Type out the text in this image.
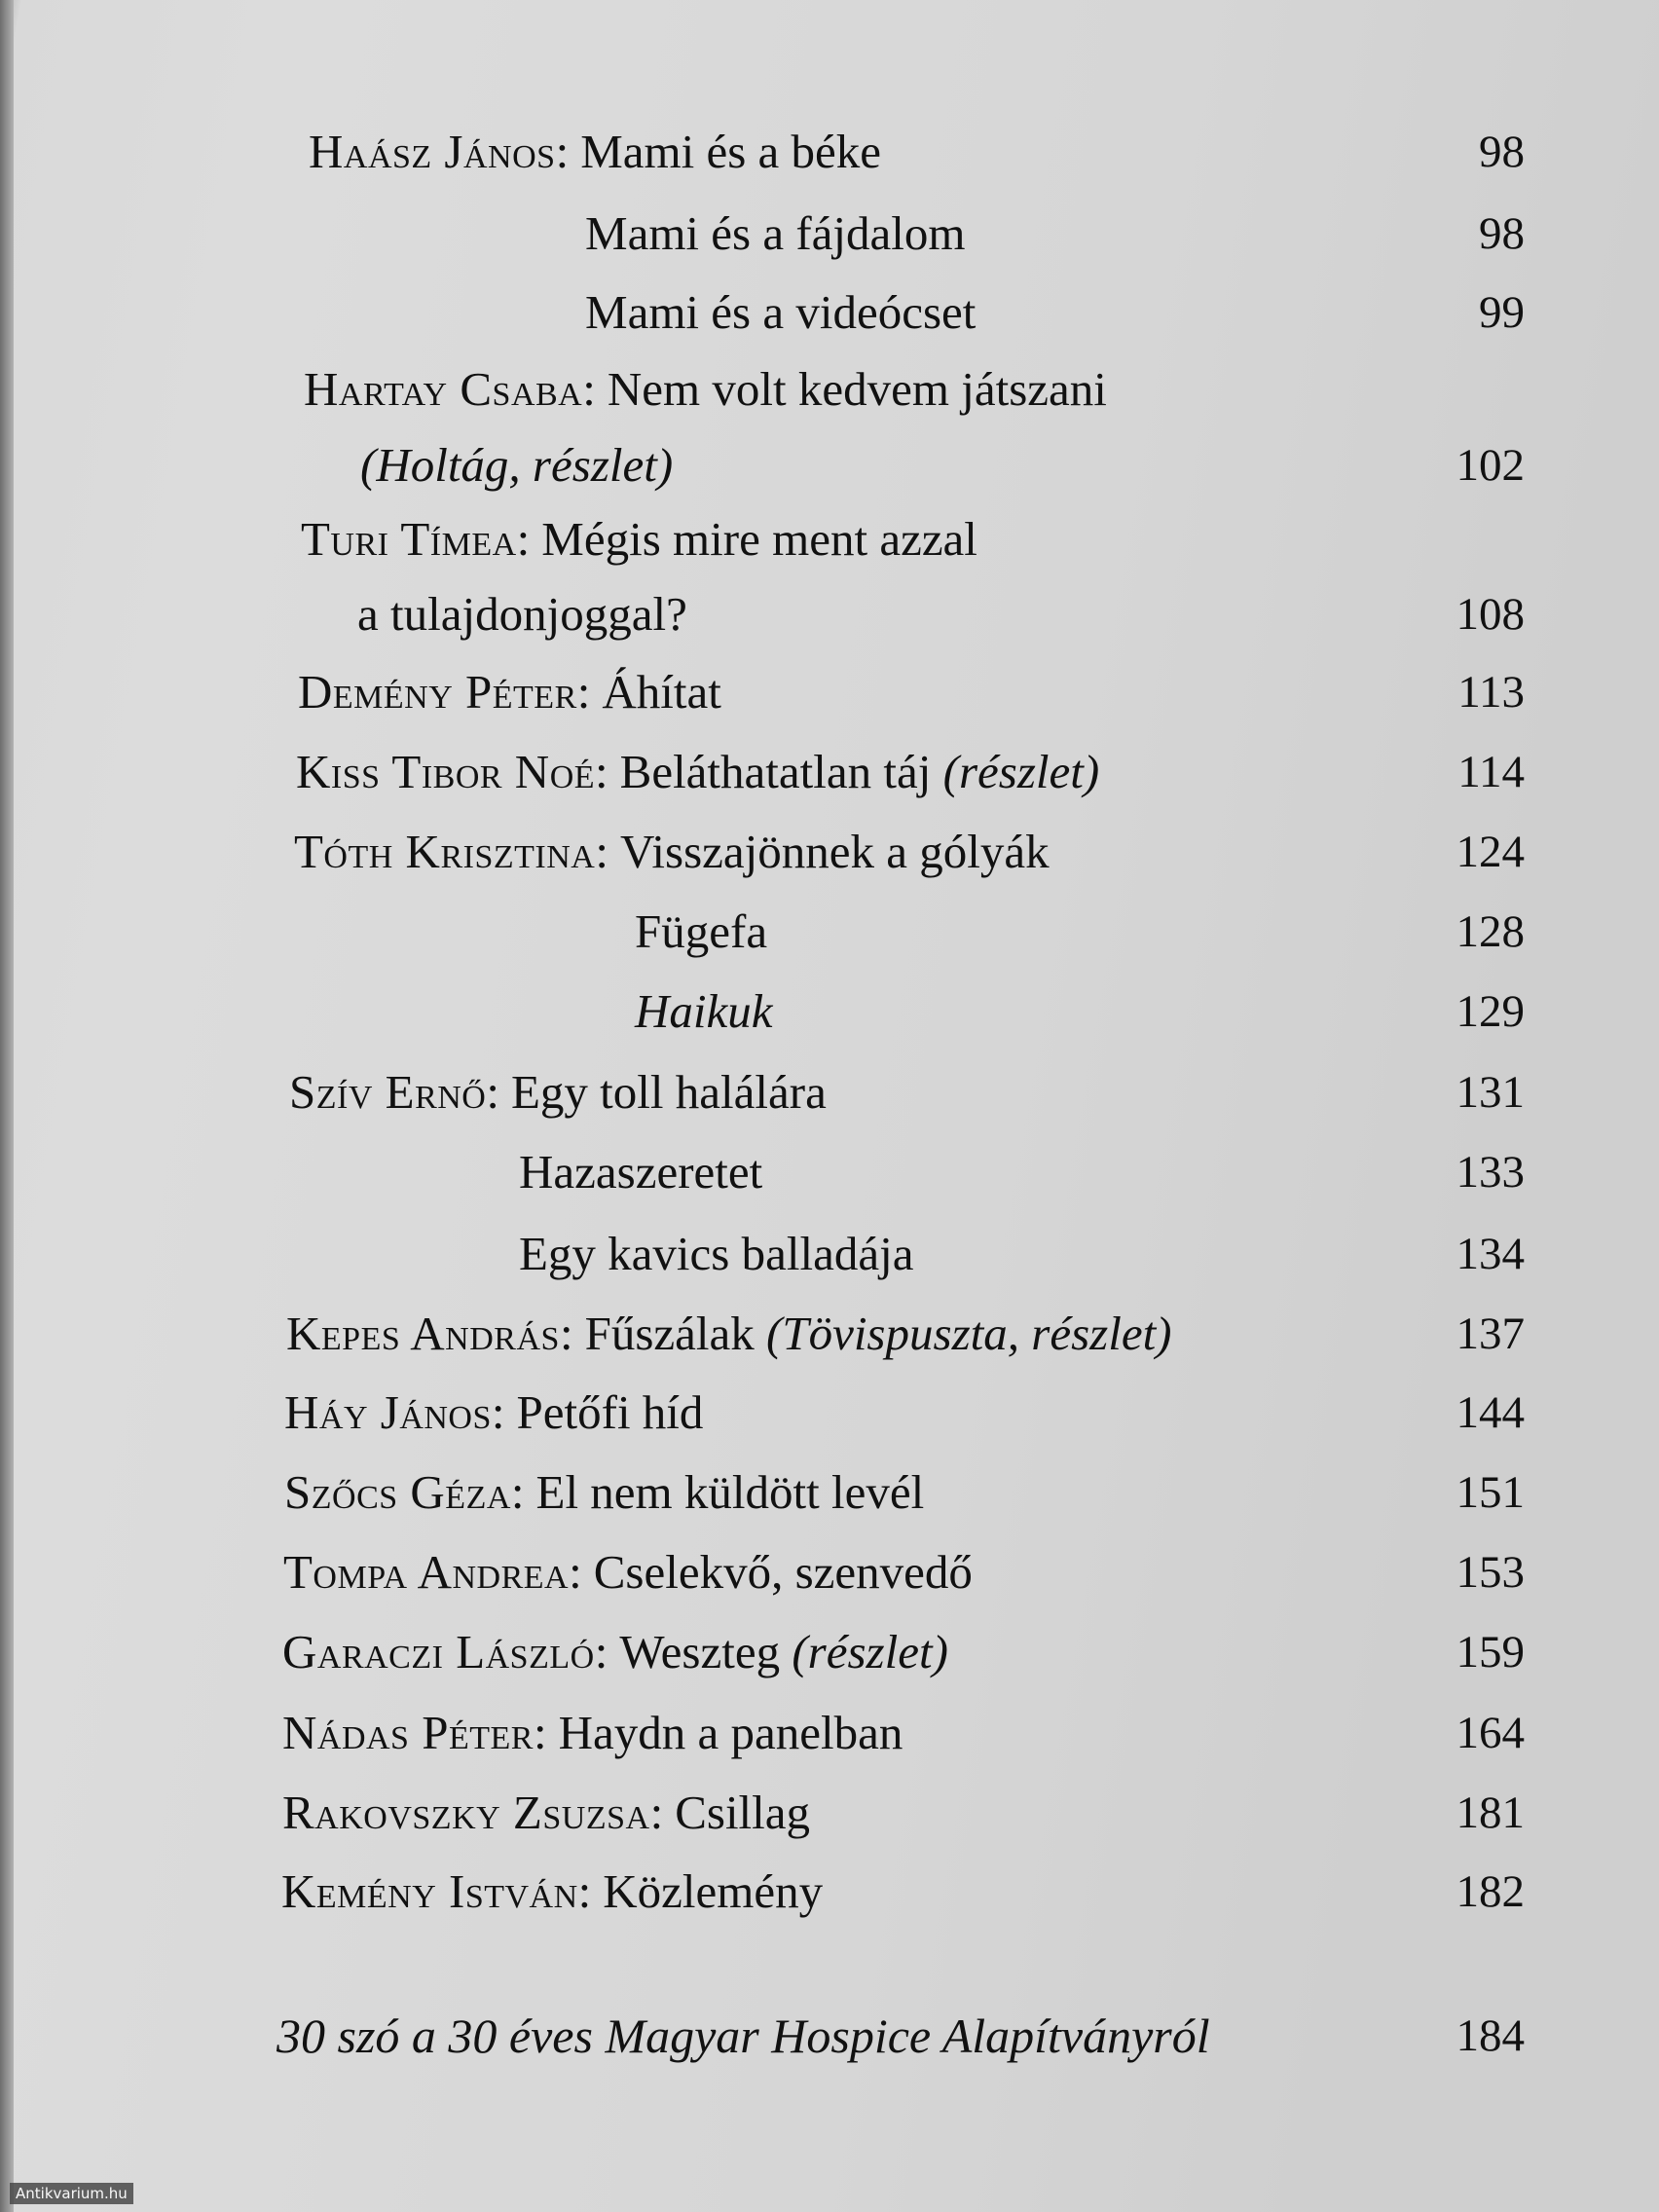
Haász János: Mami és a béke	98
Mami és a fájdalom	98
Mami és a videócset	99
Hartay Csaba: Nem volt kedvem játszani
(Holtág, részlet)	102
Turi Tímea: Mégis mire ment azzal
a tulajdonjoggal?	108
Demény Péter: Áhítat	113
Kiss Tibor Noé: Beláthatatlan táj (részlet)	114
Tóth Krisztina: Visszajönnek a gólyák	124
Fügefa	128
Haikuk	129
Szív Ernő: Egy toll halálára	131
Hazaszeretet	133
Egy kavics balladája	134
Kepes András: Fűszálak (Tövispuszta, részlet)	137
Háy János: Petőfi híd	144
Szőcs Géza: El nem küldött levél	151
Tompa Andrea: Cselekvő, szenvedő	153
Garaczi László: Weszteg (részlet)	159
Nádas Péter: Haydn a panelban	164
Rakovszky Zsuzsa: Csillag	181
Kemény István: Közlemény	182
30 szó a 30 éves Magyar Hospice Alapítványról	184
Antikvarium.hu
